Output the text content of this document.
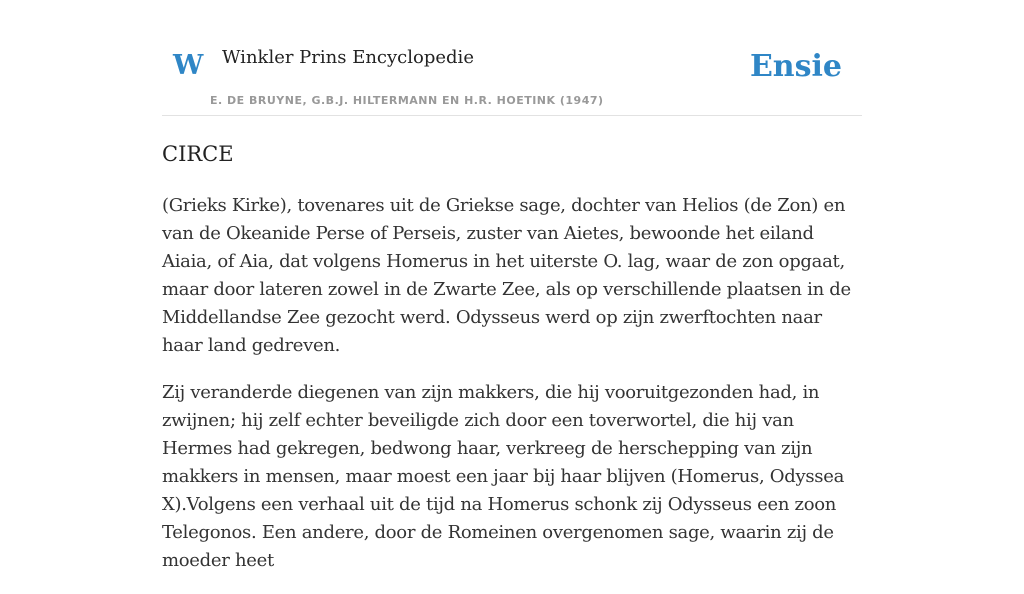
W Winkler Prins Encyclopedie
E. DE BRUYNE, G.B.J. HILTERMANN EN H.R. HOETINK (1947)
Ensie
CIRCE

(Grieks Kirke), tovenares uit de Griekse sage, dochter van Helios (de Zon) en van de Okeanide Perse of Perseis, zuster van Aietes, bewoonde het eiland Aiaia, of Aia, dat volgens Homerus in het uiterste O. lag, waar de zon opgaat, maar door lateren zowel in de Zwarte Zee, als op verschillende plaatsen in de Middellandse Zee gezocht werd. Odysseus werd op zijn zwerftochten naar haar land gedreven.

Zij veranderde diegenen van zijn makkers, die hij vooruitgezonden had, in zwijnen; hij zelf echter beveiligde zich door een toverwortel, die hij van Hermes had gekregen, bedwong haar, verkreeg de herschepping van zijn makkers in mensen, maar moest een jaar bij haar blijven (Homerus, Odyssea X).Volgens een verhaal uit de tijd na Homerus schonk zij Odysseus een zoon Telegonos. Een andere, door de Romeinen overgenomen sage, waarin zij de moeder heet
